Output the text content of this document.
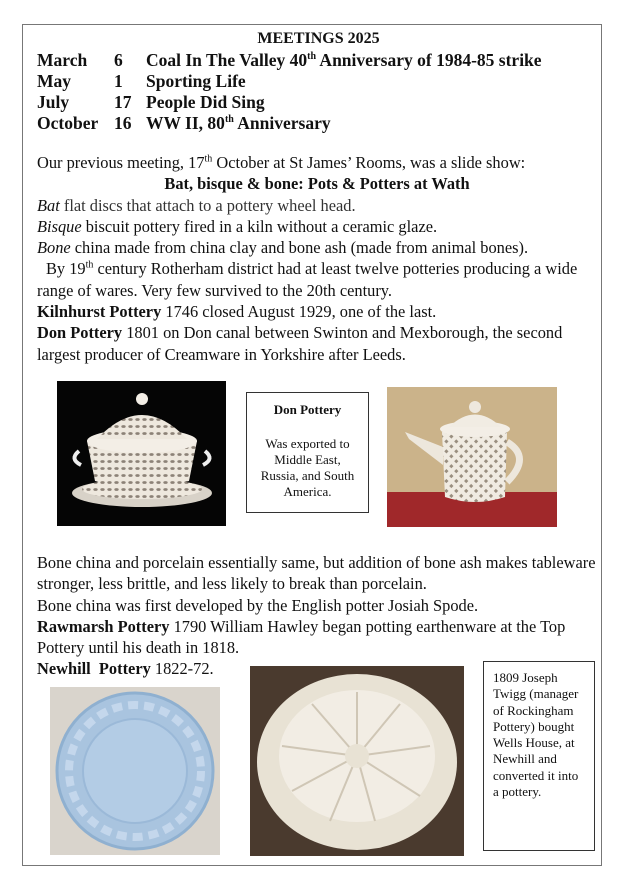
MEETINGS 2025
March 6 Coal In The Valley 40th Anniversary of 1984-85 strike
May 1 Sporting Life
July	17 People Did Sing
October 16 WW II, 80th Anniversary

Our previous meeting, 17th October at St James’ Rooms, was a slide show:

Bat, bisque & bone: Pots & Potters at Wath

Bat flat discs that attach to a pottery wheel head.

Bisque biscuit pottery fired in a kiln without a ceramic glaze.

Bone china made from china clay and bone ash (made from animal bones).

By 19th century Rotherham district had at least twelve potteries producing a wide range of wares. Very few survived to the 20th century.

Kilnhurst Pottery 1746 closed August 1929, one of the last.

Don Pottery 1801 on Don canal between Swinton and Mexborough, the second largest producer of Creamware in Yorkshire after Leeds.

Don Pottery
Was exported to Middle East, Russia, and South America.

Bone china and porcelain essentially same, but addition of bone ash makes tableware stronger, less brittle, and less likely to break than porcelain.

Bone china was first developed by the English potter Josiah Spode.

Rawmarsh Pottery 1790 William Hawley began potting earthenware at the Top Pottery until his death in 1818.

Newhill  Pottery 1822-72.	1809 Joseph Twigg (manager of Rockingham Pottery) bought Wells House, at Newhill and converted it into a pottery.
